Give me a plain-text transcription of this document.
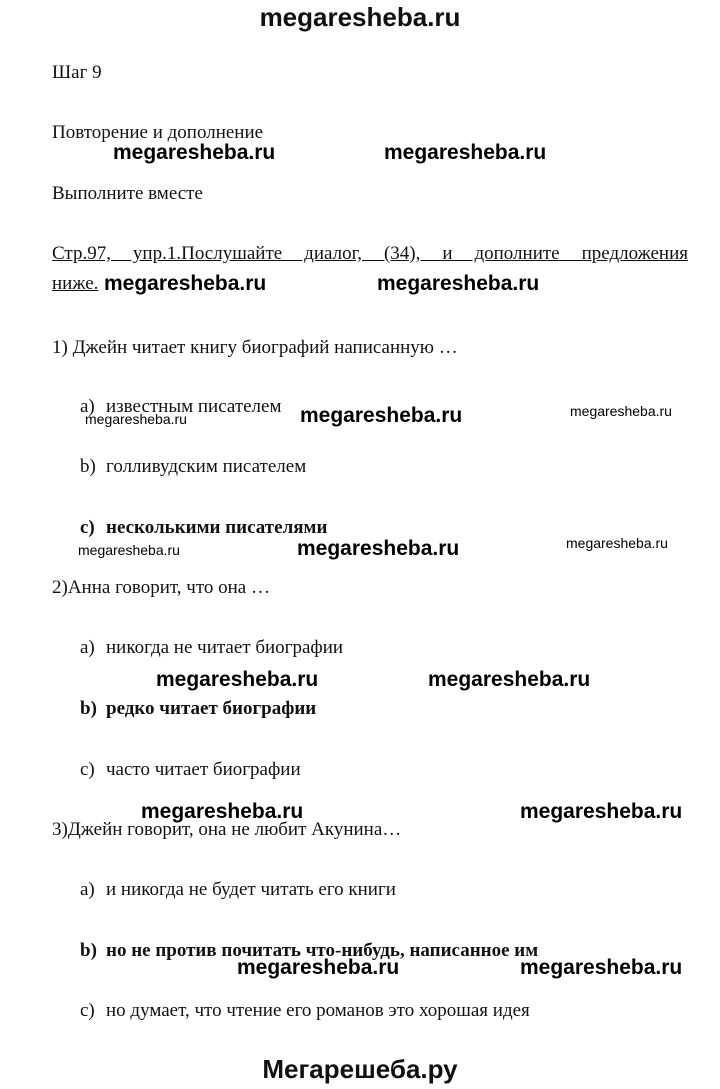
megaresheba.ru
Шаг 9
Повторение и дополнение
Выполните вместе
Стр.97, упр.1.Послушайте диалог, (34), и дополните предложения
ниже.
1) Джейн читает книгу биографий написанную …
a) известным писателем
b) голливудским писателем
c) несколькими писателями
2)Анна говорит, что она …
a) никогда не читает биографии
b) редко читает биографии
c) часто читает биографии
3)Джейн говорит, она не любит Акунина…
a) и никогда не будет читать его книги
b) но не против почитать что-нибудь, написанное им
c) но думает, что чтение его романов это хорошая идея
megaresheba.ru	megaresheba.ru
megaresheba.ru	megaresheba.ru
megaresheba.ru
megaresheba.ru	megaresheba.ru
megaresheba.ru
megaresheba.ru	megaresheba.ru
megaresheba.ru	megaresheba.ru
megaresheba.ru	megaresheba.ru
megaresheba.ru	megaresheba.ru
Мегарешеба.ру
